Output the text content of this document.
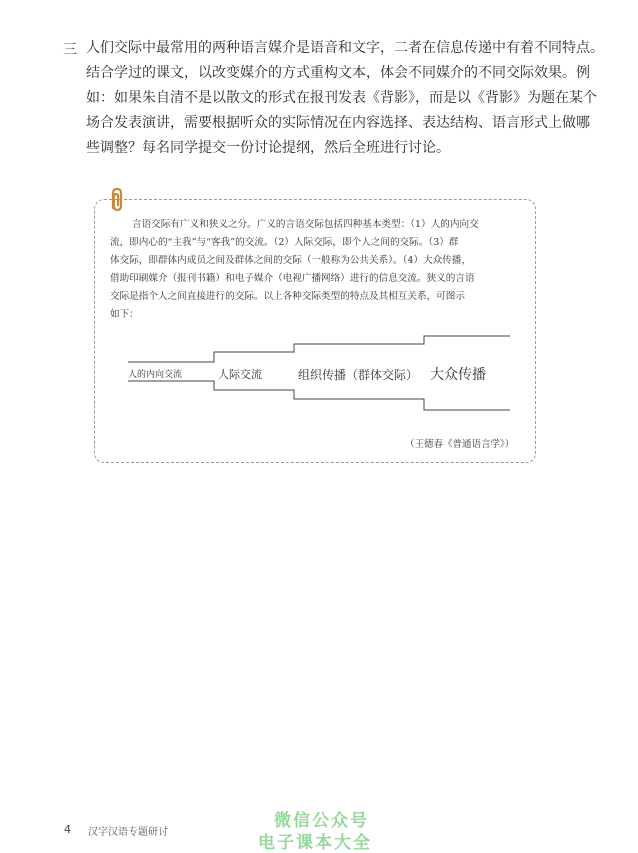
三 人们交际中最常用的两种语言媒介是语音和文字，二者在信息传递中有着不同特点。
结合学过的课文，以改变媒介的方式重构文本，体会不同媒介的不同交际效果。例
如：如果朱自清不是以散文的形式在报刊发表《背影》，而是以《背影》为题在某个
场合发表演讲，需要根据听众的实际情况在内容选择、表达结构、语言形式上做哪
些调整？每名同学提交一份讨论提纲，然后全班进行讨论。
言语交际有广义和狭义之分。广义的言语交际包括四种基本类型：（1）人的内向交
流，即内心的“主我”与“客我”的交流。（2）人际交际，即个人之间的交际。（3）群
体交际，即群体内成员之间及群体之间的交际（一般称为公共关系）。（4）大众传播，
借助印刷媒介（报刊书籍）和电子媒介（电视广播网络）进行的信息交流。狭义的言语
交际是指个人之间直接进行的交际。以上各种交际类型的特点及其相互关系，可图示
如下：
人的内向交流	人际交流	组织传播（群体交际） 大众传播
（王德春《普通语言学》）
4 汉字汉语专题研讨
微信公众号
电子课本大全
